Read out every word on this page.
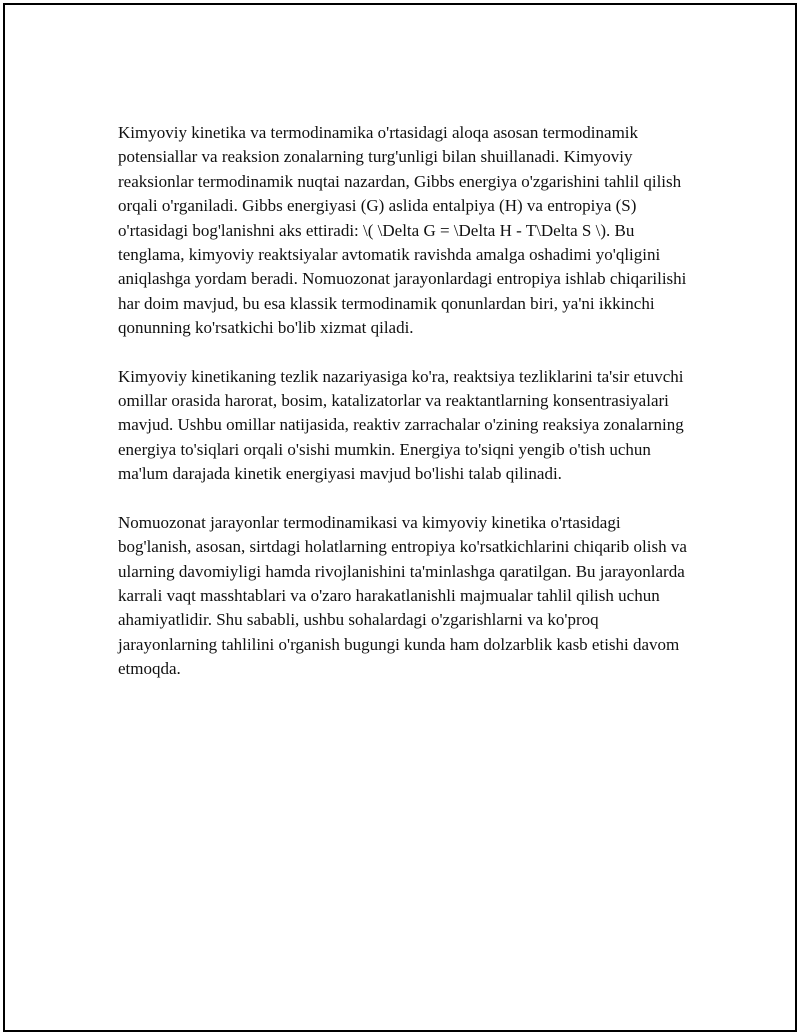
Kimyoviy kinetika va termodinamika o'rtasidagi aloqa asosan termodinamik potensiallar va reaksion zonalarning turg'unligi bilan shuillanadi. Kimyoviy reaksionlar termodinamik nuqtai nazardan, Gibbs energiya o'zgarishini tahlil qilish orqali o'rganiladi. Gibbs energiyasi (G) aslida entalpiya (H) va entropiya (S) o'rtasidagi bog'lanishni aks ettiradi: \( \Delta G = \Delta H - T\Delta S \). Bu tenglama, kimyoviy reaktsiyalar avtomatik ravishda amalga oshadimi yo'qligini aniqlashga yordam beradi. Nomuozonat jarayonlardagi entropiya ishlab chiqarilishi har doim mavjud, bu esa klassik termodinamik qonunlardan biri, ya'ni ikkinchi qonunning ko'rsatkichi bo'lib xizmat qiladi.

Kimyoviy kinetikaning tezlik nazariyasiga ko'ra, reaktsiya tezliklarini ta'sir etuvchi omillar orasida harorat, bosim, katalizatorlar va reaktantlarning konsentrasiyalari mavjud. Ushbu omillar natijasida, reaktiv zarrachalar o'zining reaksiya zonalarning energiya to'siqlari orqali o'sishi mumkin. Energiya to'siqni yengib o'tish uchun ma'lum darajada kinetik energiyasi mavjud bo'lishi talab qilinadi.

Nomuozonat jarayonlar termodinamikasi va kimyoviy kinetika o'rtasidagi bog'lanish, asosan, sirtdagi holatlarning entropiya ko'rsatkichlarini chiqarib olish va ularning davomiyligi hamda rivojlanishini ta'minlashga qaratilgan. Bu jarayonlarda karrali vaqt masshtablari va o'zaro harakatlanishli majmualar tahlil qilish uchun ahamiyatlidir. Shu sababli, ushbu sohalardagi o'zgarishlarni va ko'proq jarayonlarning tahlilini o'rganish bugungi kunda ham dolzarblik kasb etishi davom etmoqda.
